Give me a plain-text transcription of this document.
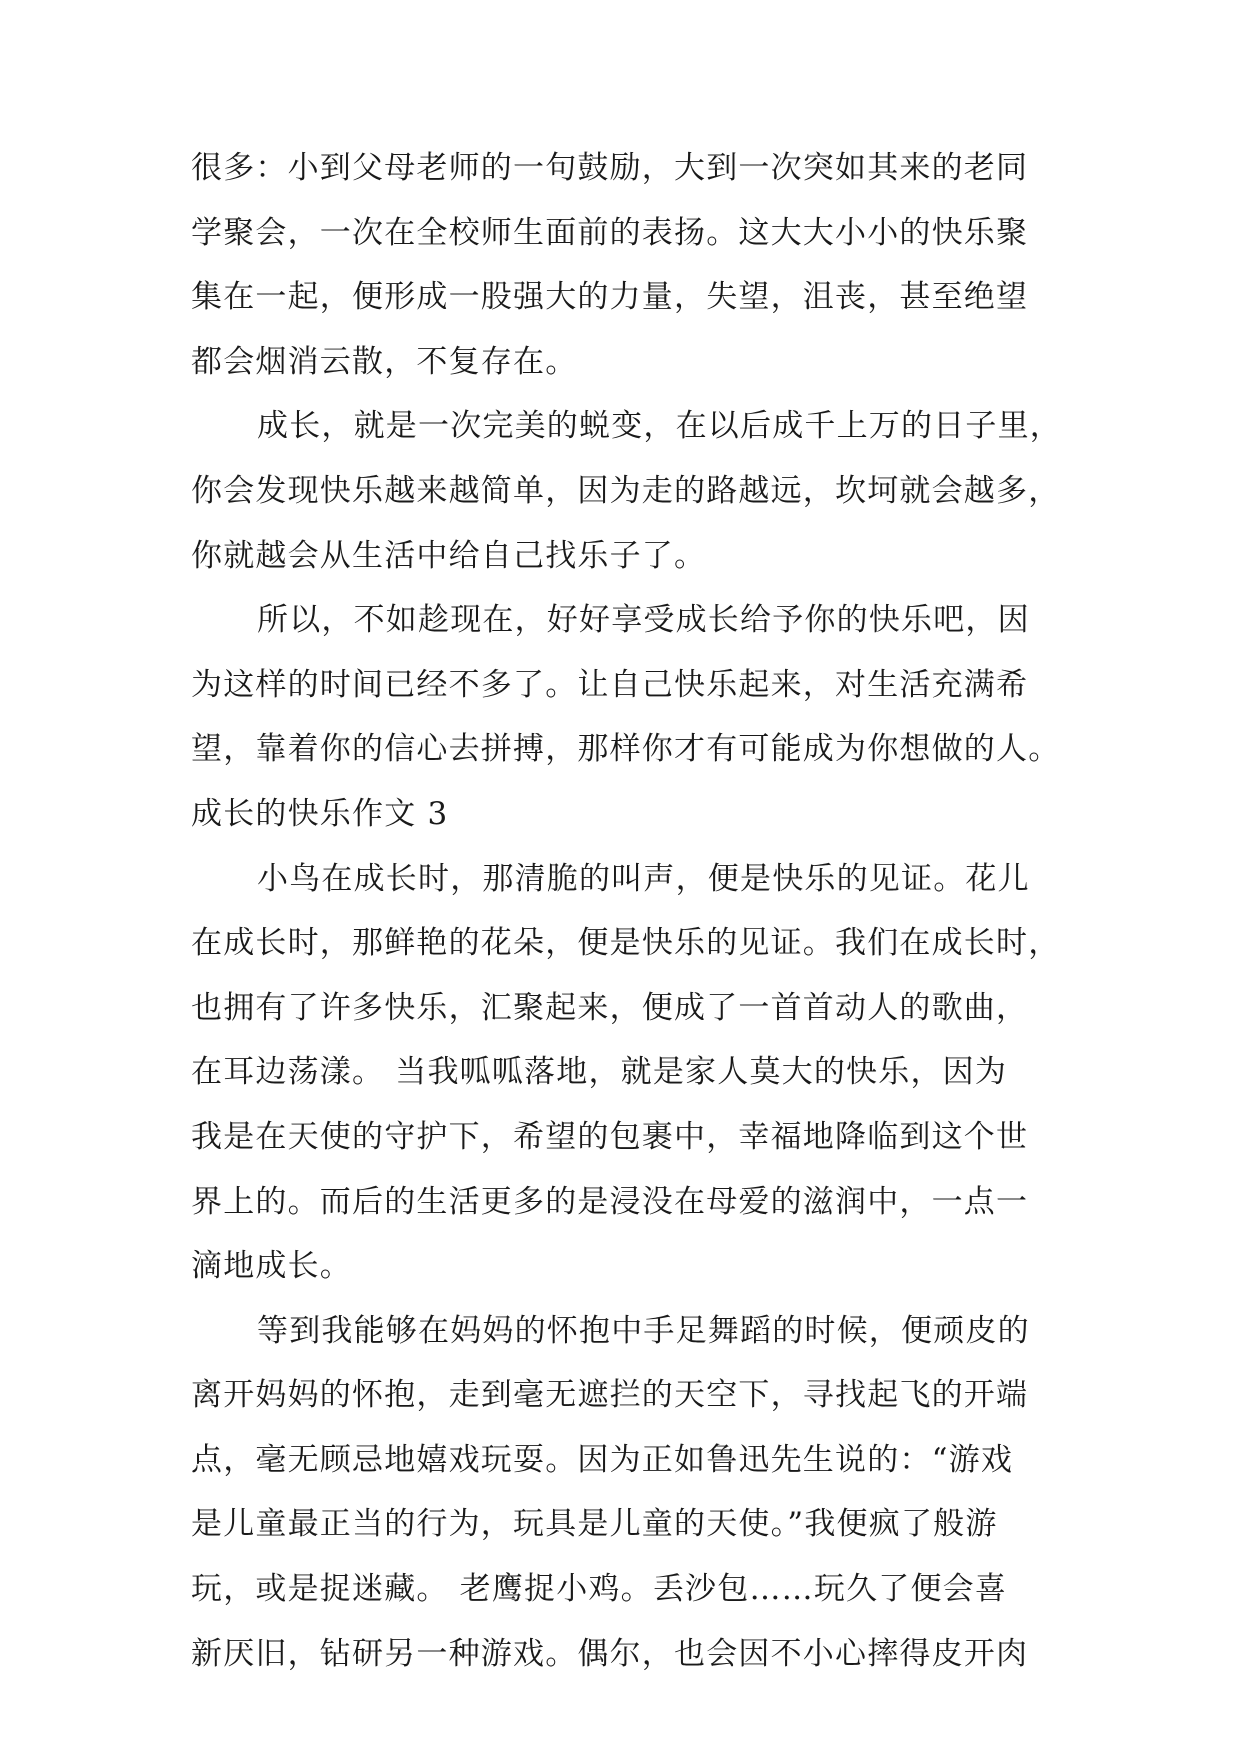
很多：小到父母老师的一句鼓励，大到一次突如其来的老同
学聚会，一次在全校师生面前的表扬。这大大小小的快乐聚
集在一起，便形成一股强大的力量，失望，沮丧，甚至绝望
都会烟消云散，不复存在。
成长，就是一次完美的蜕变，在以后成千上万的日子里，
你会发现快乐越来越简单，因为走的路越远，坎坷就会越多，
你就越会从生活中给自己找乐子了。
所以，不如趁现在，好好享受成长给予你的快乐吧，因
为这样的时间已经不多了。让自己快乐起来，对生活充满希
望，靠着你的信心去拼搏，那样你才有可能成为你想做的人。
成长的快乐作文 3
小鸟在成长时，那清脆的叫声，便是快乐的见证。花儿
在成长时，那鲜艳的花朵，便是快乐的见证。我们在成长时，
也拥有了许多快乐，汇聚起来，便成了一首首动人的歌曲，
在耳边荡漾。 当我呱呱落地，就是家人莫大的快乐，因为
我是在天使的守护下，希望的包裹中，幸福地降临到这个世
界上的。而后的生活更多的是浸没在母爱的滋润中，一点一
滴地成长。
等到我能够在妈妈的怀抱中手足舞蹈的时候，便顽皮的
离开妈妈的怀抱，走到毫无遮拦的天空下，寻找起飞的开端
点，毫无顾忌地嬉戏玩耍。因为正如鲁迅先生说的：“游戏
是儿童最正当的行为，玩具是儿童的天使。”我便疯了般游
玩，或是捉迷藏。 老鹰捉小鸡。丢沙包……玩久了便会喜
新厌旧，钻研另一种游戏。偶尔，也会因不小心摔得皮开肉
